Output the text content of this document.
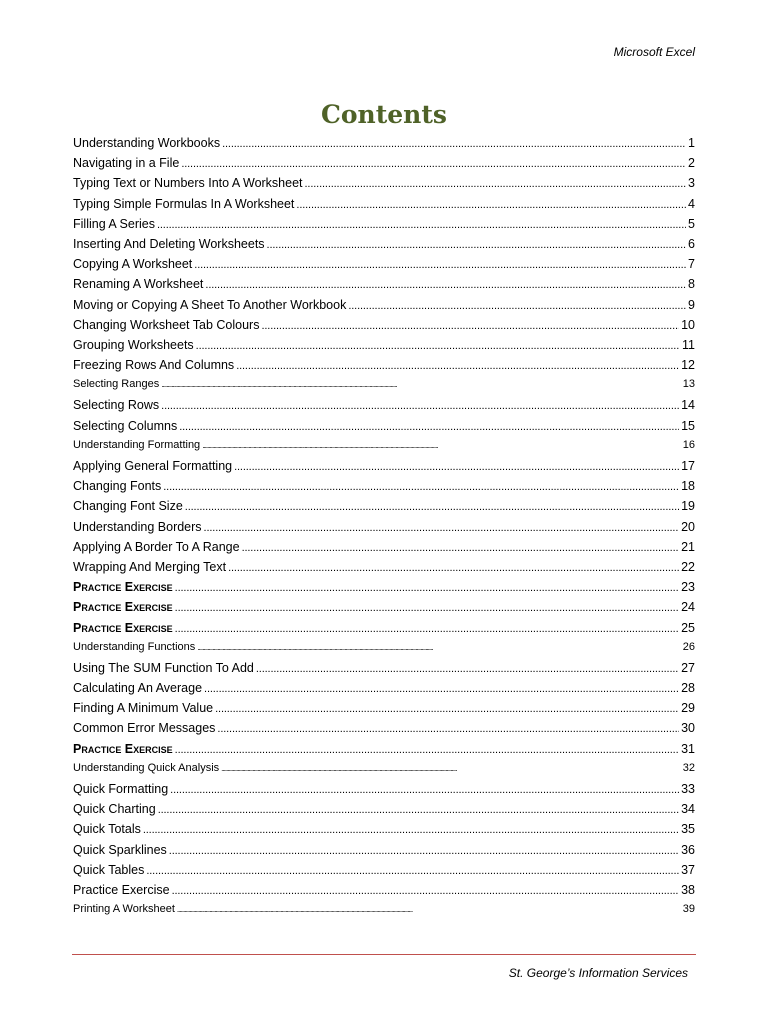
Microsoft Excel
Contents
Understanding Workbooks . . .	1
Navigating in a File . . .	2
Typing Text or Numbers Into A Worksheet . . .	3
Typing Simple Formulas In A Worksheet . . .	4
Filling A Series . . .	5
Inserting And Deleting Worksheets . . .	6
Copying A Worksheet . . .	7
Renaming A Worksheet . . .	8
Moving or Copying A Sheet To Another Workbook . . .	9
Changing Worksheet Tab Colours . . .	10
Grouping Worksheets . . .	11
Freezing Rows And Columns . . .	12
Selecting Ranges . . .	13
Selecting Rows . . .	14
Selecting Columns . . .	15
Understanding Formatting . . .	16
Applying General Formatting . . .	17
Changing Fonts . . .	18
Changing Font Size . . .	19
Understanding Borders . . .	20
Applying A Border To A Range . . .	21
Wrapping And Merging Text . . .	22
Practice Exercise . . .	23
Practice Exercise . . .	24
Practice Exercise . . .	25
Understanding Functions . . .	26
Using The SUM Function To Add . . .	27
Calculating An Average . . .	28
Finding A Minimum Value . . .	29
Common Error Messages . . .	30
Practice Exercise . . .	31
Understanding Quick Analysis . . .	32
Quick Formatting . . .	33
Quick Charting . . .	34
Quick Totals . . .	35
Quick Sparklines . . .	36
Quick Tables . . .	37
Practice Exercise . . .	38
Printing A Worksheet . . .	39
St. George’s Information Services
